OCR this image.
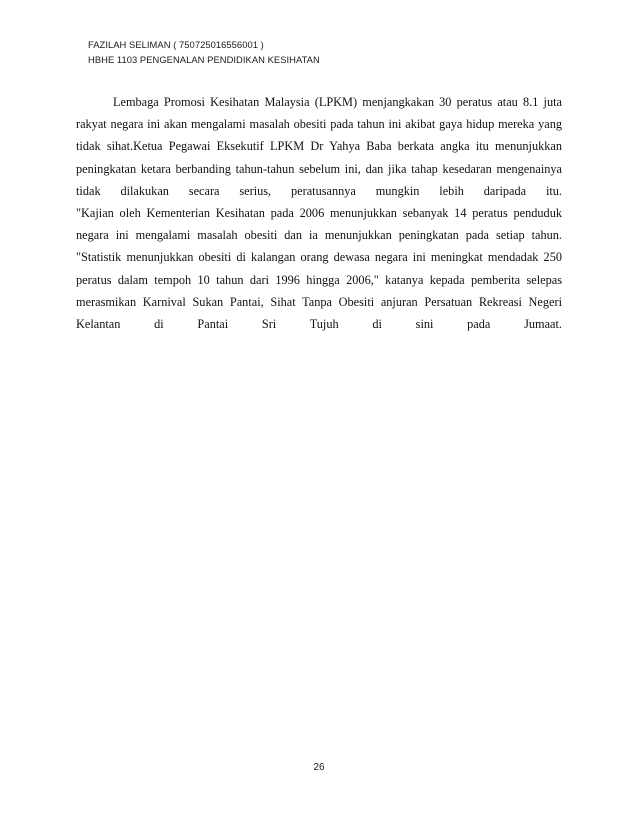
FAZILAH SELIMAN ( 750725016556001 )
HBHE 1103 PENGENALAN PENDIDIKAN KESIHATAN
Lembaga Promosi Kesihatan Malaysia (LPKM) menjangkakan 30 peratus atau 8.1 juta
rakyat negara ini akan mengalami masalah obesiti pada tahun ini akibat gaya hidup mereka yang
tidak sihat.Ketua Pegawai Eksekutif LPKM Dr Yahya Baba berkata angka itu menunjukkan
peningkatan ketara berbanding tahun-tahun sebelum ini, dan jika tahap kesedaran mengenainya
tidak dilakukan secara serius, peratusannya mungkin lebih daripada itu.
"Kajian oleh Kementerian Kesihatan pada 2006 menunjukkan sebanyak 14 peratus penduduk
negara ini mengalami masalah obesiti dan ia menunjukkan peningkatan pada setiap tahun.
"Statistik menunjukkan obesiti di kalangan orang dewasa negara ini meningkat mendadak 250
peratus dalam tempoh 10 tahun dari 1996 hingga 2006," katanya kepada pemberita selepas
merasmikan Karnival Sukan Pantai, Sihat Tanpa Obesiti anjuran Persatuan Rekreasi Negeri
Kelantan di Pantai Sri Tujuh di sini pada Jumaat.
26
